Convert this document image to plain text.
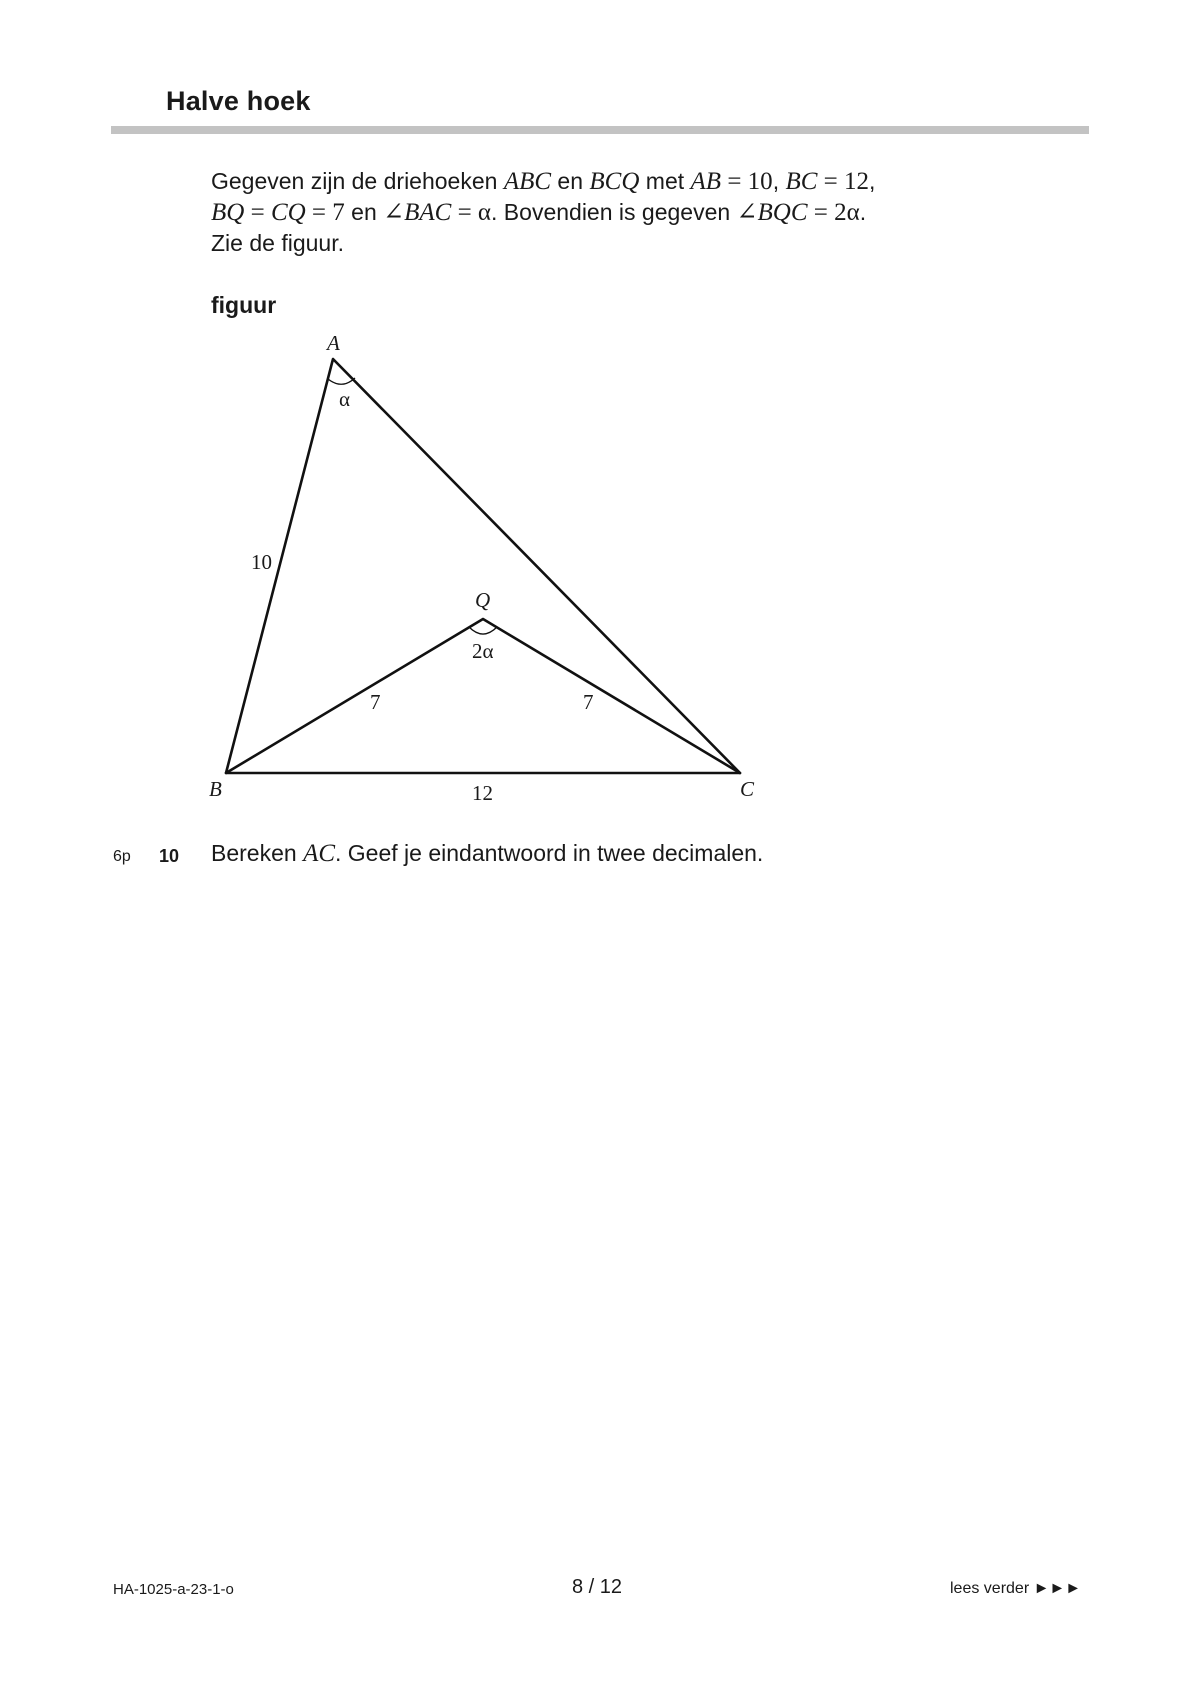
Halve hoek
Gegeven zijn de driehoeken ABC en BCQ met AB = 10, BC = 12,
BQ = CQ = 7 en ∠BAC = α. Bovendien is gegeven ∠BQC = 2α.
Zie de figuur.
figuur
A
B	C
Q
α
2α
10
7	7
12
6p 10 Bereken AC. Geef je eindantwoord in twee decimalen.
HA-1025-a-23-1-o	8 / 12	lees verder ►►►
